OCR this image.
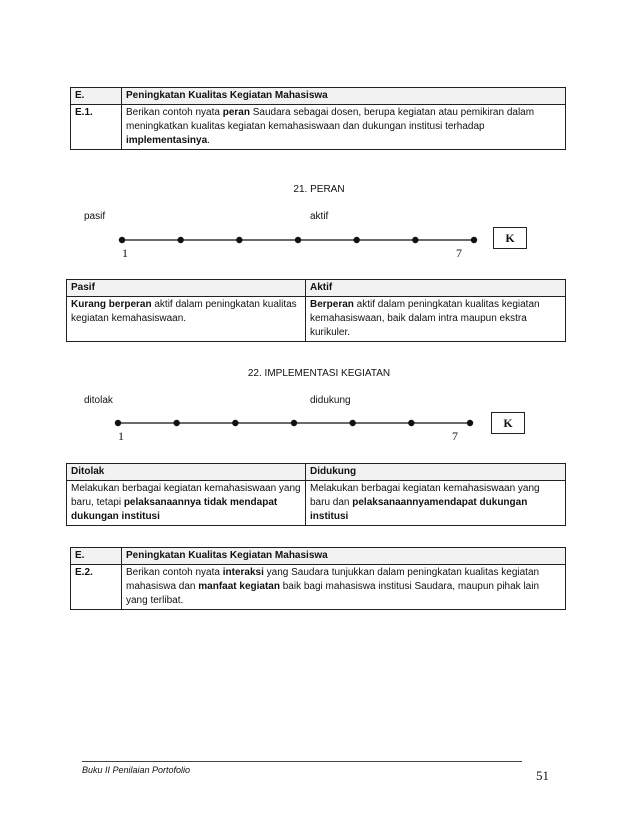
E.	Peningkatan Kualitas Kegiatan Mahasiswa
E.1.	Berikan contoh nyata peran Saudara sebagai dosen, berupa kegiatan atau pemikiran dalam meningkatkan kualitas kegiatan kemahasiswaan dan dukungan institusi terhadap implementasinya.
21. PERAN
pasif	aktif
1	7
K
Pasif	Aktif
Kurang berperan aktif dalam peningkatan kualitas kegiatan kemahasiswaan.	Berperan aktif dalam peningkatan kualitas kegiatan kemahasiswaan, baik dalam intra maupun ekstra kurikuler.
22. IMPLEMENTASI KEGIATAN
ditolak	didukung
1	7
K
Ditolak	Didukung
Melakukan berbagai kegiatan kemahasiswaan yang baru, tetapi pelaksanaannya tidak mendapat dukungan institusi	Melakukan berbagai kegiatan kemahasiswaan yang baru dan pelaksanaannyamendapat dukungan institusi
E.	Peningkatan Kualitas Kegiatan Mahasiswa
E.2.	Berikan contoh nyata interaksi yang Saudara tunjukkan dalam peningkatan kualitas kegiatan mahasiswa dan manfaat kegiatan baik bagi mahasiswa institusi Saudara, maupun pihak lain yang terlibat.
Buku II Penilaian Portofolio	51
